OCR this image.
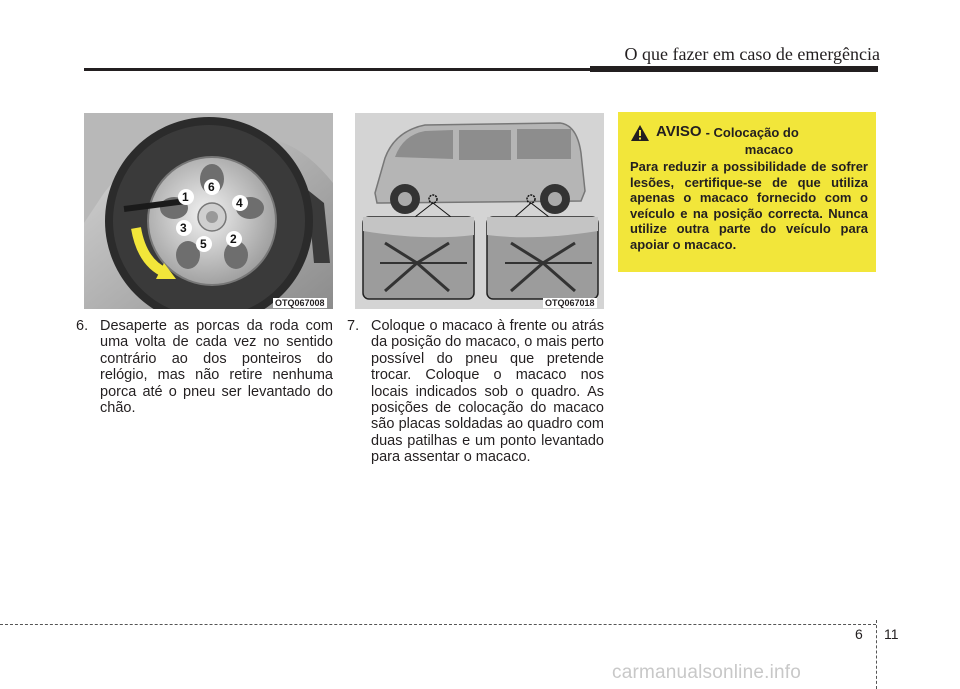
O que fazer em caso de emergência
1
2
3
4
5
6
OTQ067008	OTQ067018
6. Desaperte as porcas da roda com uma volta de cada vez no sentido contrário ao dos ponteiros do relógio, mas não retire nenhuma porca até o pneu ser levantado do chão.
7. Coloque o macaco à frente ou atrás da posição do macaco, o mais perto possível do pneu que pretende trocar. Coloque o macaco nos locais indicados sob o quadro. As posições de colocação do macaco são placas soldadas ao quadro com duas patilhas e um ponto levantado para assentar o macaco.
AVISO - Colocação do
macaco
Para reduzir a possibilidade de sofrer lesões, certifique-se de que utiliza apenas o macaco fornecido com o veículo e na posição correcta. Nunca utilize outra parte do veículo para apoiar o macaco.
6 11
carmanualsonline.info
